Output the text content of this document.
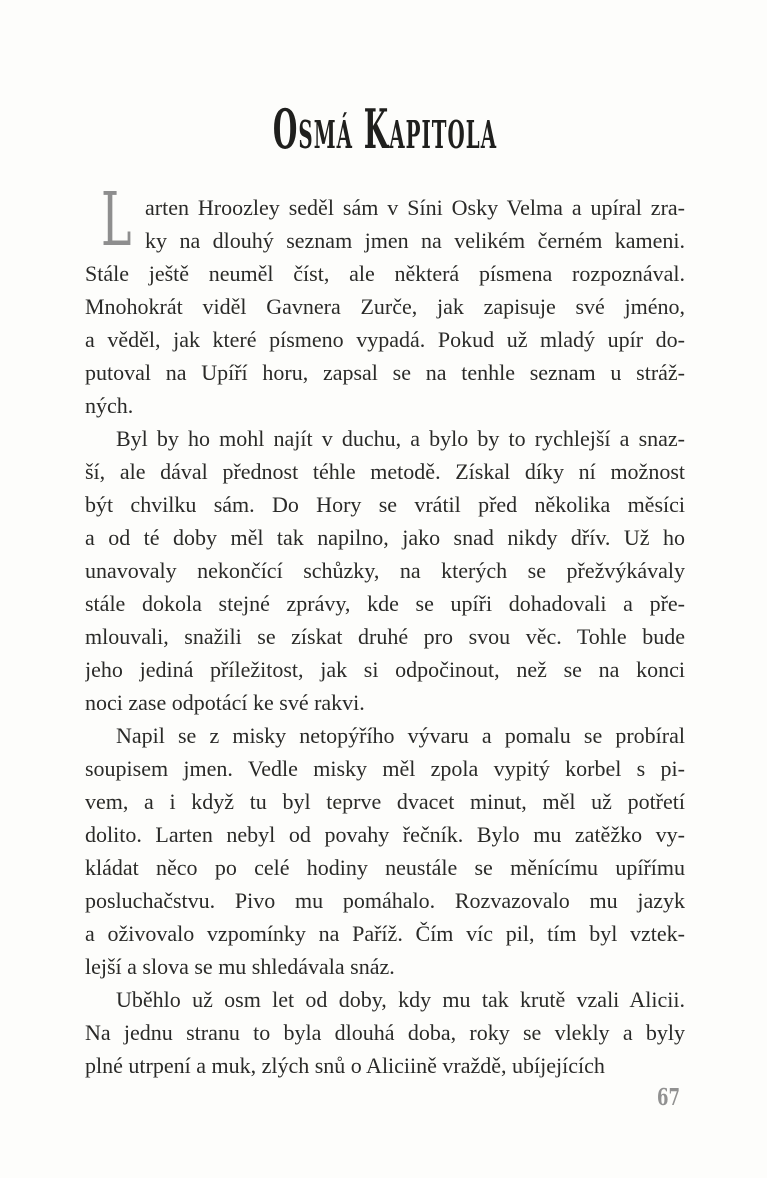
Osmá Kapitola

L arten Hroozley seděl sám v Síni Osky Velma a upíral zra-
ky na dlouhý seznam jmen na velikém černém kameni.
Stále ještě neuměl číst, ale některá písmena rozpoznával.
Mnohokrát viděl Gavnera Zurče, jak zapisuje své jméno,
a věděl, jak které písmeno vypadá. Pokud už mladý upír do-
putoval na Upíří horu, zapsal se na tenhle seznam u stráž-
ných.

Byl by ho mohl najít v duchu, a bylo by to rychlejší a snaz-
ší, ale dával přednost téhle metodě. Získal díky ní možnost
být chvilku sám. Do Hory se vrátil před několika měsíci
a od té doby měl tak napilno, jako snad nikdy dřív. Už ho
unavovaly nekončící schůzky, na kterých se přežvýkávaly
stále dokola stejné zprávy, kde se upíři dohadovali a pře-
mlouvali, snažili se získat druhé pro svou věc. Tohle bude
jeho jediná příležitost, jak si odpočinout, než se na konci
noci zase odpotácí ke své rakvi.

Napil se z misky netopýřího vývaru a pomalu se probíral
soupisem jmen. Vedle misky měl zpola vypitý korbel s pi-
vem, a i když tu byl teprve dvacet minut, měl už potřetí
dolito. Larten nebyl od povahy řečník. Bylo mu zatěžko vy-
kládat něco po celé hodiny neustále se měnícímu upířímu
posluchačstvu. Pivo mu pomáhalo. Rozvazovalo mu jazyk
a oživovalo vzpomínky na Paříž. Čím víc pil, tím byl vztek-
lejší a slova se mu shledávala snáz.

Uběhlo už osm let od doby, kdy mu tak krutě vzali Alicii.
Na jednu stranu to byla dlouhá doba, roky se vlekly a byly
plné utrpení a muk, zlých snů o Aliciině vraždě, ubíjejících

67
